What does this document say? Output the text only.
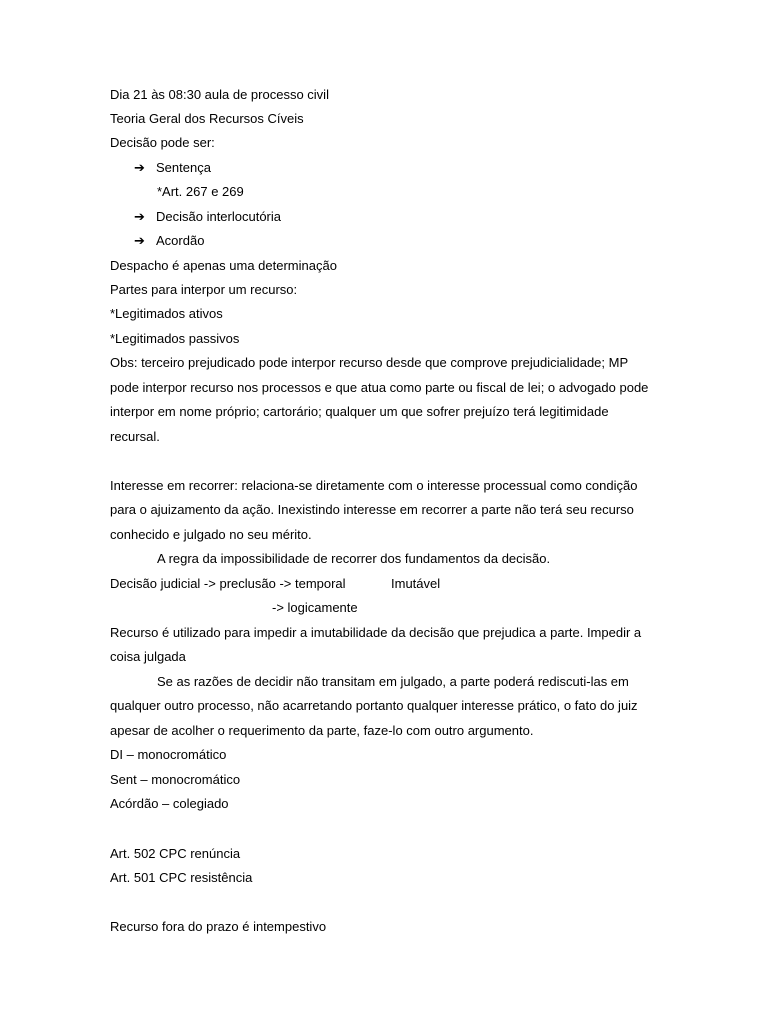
Dia 21 às 08:30 aula de processo civil
Teoria Geral dos Recursos Cíveis
Decisão pode ser:
➔ Sentença
*Art. 267 e 269
➔ Decisão interlocutória
➔ Acordão
Despacho é apenas uma determinação
Partes para interpor um recurso:
*Legitimados ativos
*Legitimados passivos
Obs: terceiro prejudicado pode interpor recurso desde que comprove prejudicialidade; MP
pode interpor recurso nos processos e que atua como parte ou fiscal de lei; o advogado pode
interpor em nome próprio; cartorário; qualquer um que sofrer prejuízo terá legitimidade
recursal.
Interesse em recorrer: relaciona-se diretamente com o interesse processual como condição
para o ajuizamento da ação. Inexistindo interesse em recorrer a parte não terá seu recurso
conhecido e julgado no seu mérito.
A regra da impossibilidade de recorrer dos fundamentos da decisão.
Decisão judicial -> preclusão -> temporal	Imutável
-> logicamente
Recurso é utilizado para impedir a imutabilidade da decisão que prejudica a parte. Impedir a
coisa julgada
Se as razões de decidir não transitam em julgado, a parte poderá rediscuti-las em
qualquer outro processo, não acarretando portanto qualquer interesse prático, o fato do juiz
apesar de acolher o requerimento da parte, faze-lo com outro argumento.
DI – monocromático
Sent – monocromático
Acórdão – colegiado
Art. 502 CPC renúncia
Art. 501 CPC resistência
Recurso fora do prazo é intempestivo
